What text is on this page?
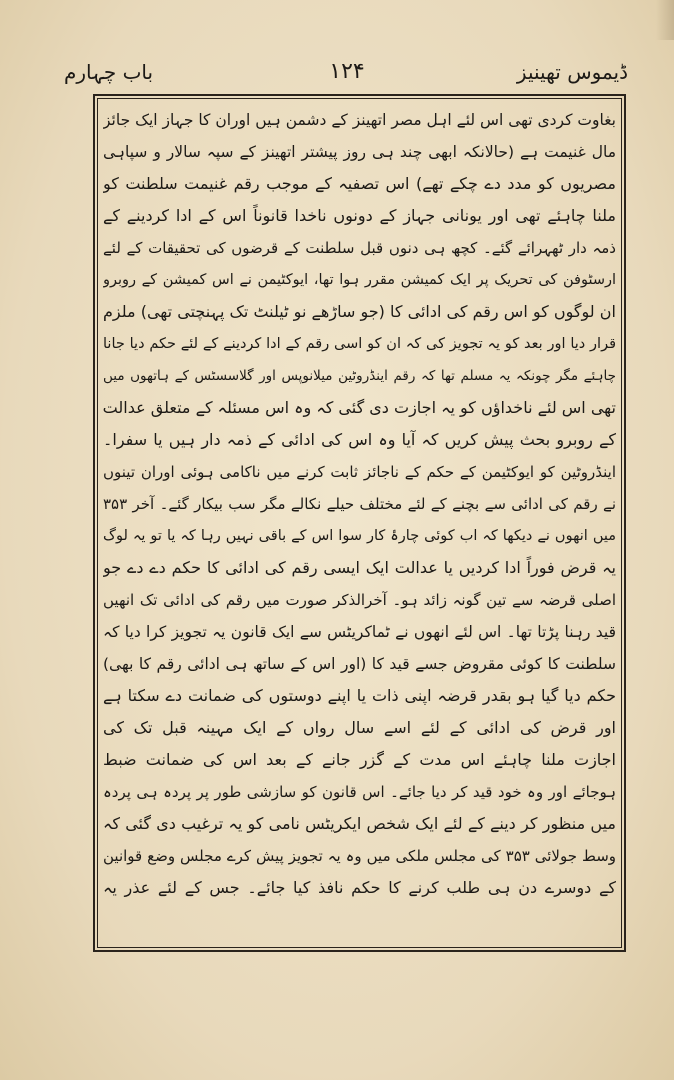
ڈیموس تھینیز
۱۲۴
باب چہارم
بغاوت کردی تھی اس لئے اہل مصر اتھینز کے دشمن ہیں اوران کا جہاز ایک جائز
مال غنیمت ہے (حالانکہ ابھی چند ہی روز پیشتر اتھینز کے سپہ سالار و سپاہی
مصریوں کو مدد دے چکے تھے) اس تصفیہ کے موجب رقم غنیمت سلطنت کو
ملنا چاہئے تھی اور یونانی جہاز کے دونوں ناخدا قانوناً اس کے ادا کردینے کے
ذمہ دار ٹھہرائے گئے۔ کچھ ہی دنوں قبل سلطنت کے قرضوں کی تحقیقات کے لئے
ارسٹوفن کی تحریک پر ایک کمیشن مقرر ہوا تھا، ایوکٹیمن نے اس کمیشن کے روبرو
ان لوگوں کو اس رقم کی ادائی کا (جو ساڑھے نو ٹیلنٹ تک پہنچتی تھی) ملزم
قرار دیا اور بعد کو یہ تجویز کی کہ ان کو اسی رقم کے ادا کردینے کے لئے حکم دیا جانا
چاہئے مگر چونکہ یہ مسلم تھا کہ رقم اینڈروٹین میلانوپس اور گلاسسٹس کے ہاتھوں میں
تھی اس لئے ناخداؤں کو یہ اجازت دی گئی کہ وہ اس مسئلہ کے متعلق عدالت
کے روبرو بحث پیش کریں کہ آیا وہ اس کی ادائی کے ذمہ دار ہیں یا سفرا۔
اینڈروٹین کو ایوکٹیمن کے حکم کے ناجائز ثابت کرنے میں ناکامی ہوئی اوران تینوں
نے رقم کی ادائی سے بچنے کے لئے مختلف حیلے نکالے مگر سب بیکار گئے۔ آخر ۳۵۳
میں انھوں نے دیکھا کہ اب کوئی چارۂ کار سوا اس کے باقی نہیں رہا کہ یا تو یہ لوگ
یہ قرض فوراً ادا کردیں یا عدالت ایک ایسی رقم کی ادائی کا حکم دے دے جو
اصلی قرضہ سے تین گونہ زائد ہو۔ آخرالذکر صورت میں رقم کی ادائی تک انھیں
قید رہنا پڑتا تھا۔ اس لئے انھوں نے ٹماکریٹس سے ایک قانون یہ تجویز کرا دیا کہ
سلطنت کا کوئی مقروض جسے قید کا (اور اس کے ساتھ ہی ادائی رقم کا بھی)
حکم دیا گیا ہو بقدر قرضہ اپنی ذات یا اپنے دوستوں کی ضمانت دے سکتا ہے
اور قرض کی ادائی کے لئے اسے سال رواں کے ایک مہینہ قبل تک کی
اجازت ملنا چاہئے اس مدت کے گزر جانے کے بعد اس کی ضمانت ضبط
ہوجائے اور وہ خود قید کر دیا جائے۔ اس قانون کو سازشی طور پر پردہ ہی پردہ
میں منظور کر دینے کے لئے ایک شخص ایکریٹس نامی کو یہ ترغیب دی گئی کہ
وسط جولائی ۳۵۳ کی مجلس ملکی میں وہ یہ تجویز پیش کرے مجلس وضع قوانین
کے دوسرے دن ہی طلب کرنے کا حکم نافذ کیا جائے۔ جس کے لئے عذر یہ
